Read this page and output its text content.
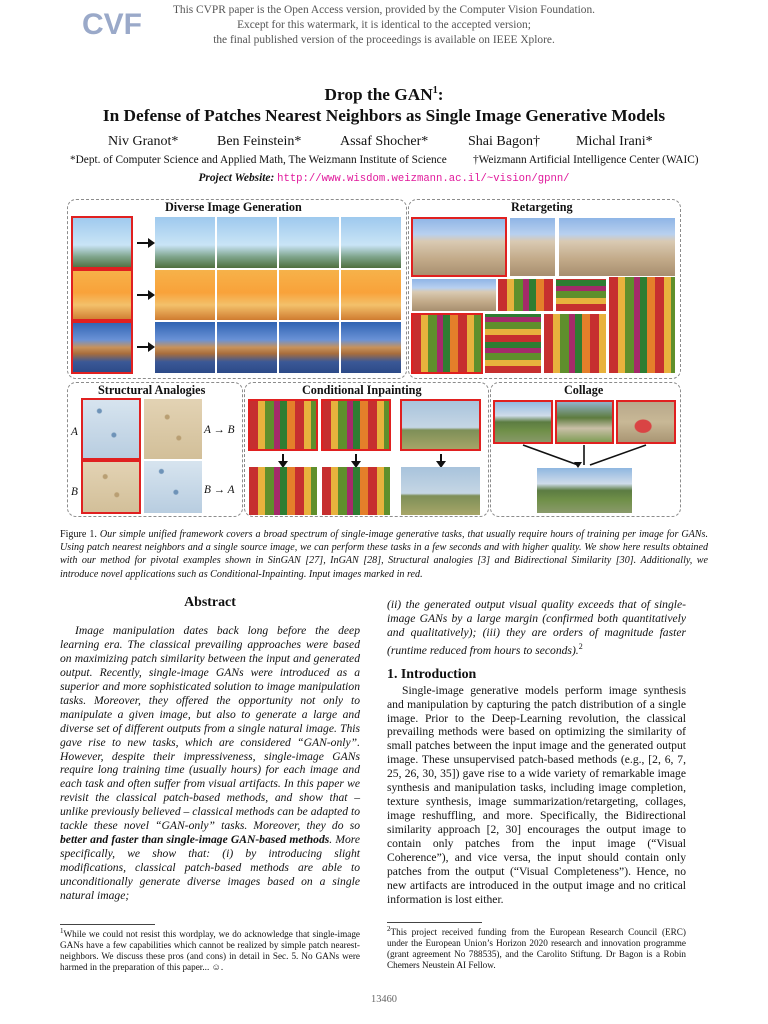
CVF	This CVPR paper is the Open Access version, provided by the Computer Vision Foundation.
Except for this watermark, it is identical to the accepted version;
the final published version of the proceedings is available on IEEE Xplore.
Drop the GAN$^1$:
In Defense of Patches Nearest Neighbors as Single Image Generative Models
Niv Granot*	Ben Feinstein*	Assaf Shocher*	Shai Bagon†	Michal Irani*
*Dept. of Computer Science and Applied Math, The Weizmann Institute of Science †Weizmann Artificial Intelligence Center (WAIC)
Project Website: http://www.wisdom.weizmann.ac.il/~vision/gpnn/
Diverse Image Generation	Retargeting
Structural Analogies
A	A → B
B	B → A
Conditional Inpainting	Collage
Figure 1. Our simple unified framework covers a broad spectrum of single-image generative tasks, that usually require hours of training per image for GANs. Using patch nearest neighbors and a single source image, we can perform these tasks in a few seconds and with higher quality. We show here results obtained with our method for pivotal examples shown in SinGAN [27], InGAN [28], Structural analogies [3] and Bidirectional Similarity [30]. Additionally, we introduce novel applications such as Conditional-Inpainting. Input images marked in red.
Abstract
Image manipulation dates back long before the deep learning era. The classical prevailing approaches were based on maximizing patch similarity between the input and generated output. Recently, single-image GANs were introduced as a superior and more sophisticated solution to image manipulation tasks. Moreover, they offered the opportunity not only to manipulate a given image, but also to generate a large and diverse set of different outputs from a single natural image. This gave rise to new tasks, which are considered “GAN-only”. However, despite their impressiveness, single-image GANs require long training time (usually hours) for each image and each task and often suffer from visual artifacts. In this paper we revisit the classical patch-based methods, and show that – unlike previously believed – classical methods can be adapted to tackle these novel “GAN-only” tasks. Moreover, they do so better and faster than single-image GAN-based methods. More specifically, we show that: (i) by introducing slight modifications, classical patch-based methods are able to unconditionally generate diverse images based on a single natural image;
$^1$While we could not resist this wordplay, we do acknowledge that single-image GANs have a few capabilities which cannot be realized by simple patch nearest-neighbors. We discuss these pros (and cons) in detail in Sec. 5. No GANs were harmed in the preparation of this paper... ☺.
(ii) the generated output visual quality exceeds that of single-image GANs by a large margin (confirmed both quantitatively and qualitatively); (iii) they are orders of magnitude faster (runtime reduced from hours to seconds).$^2$
1. Introduction
Single-image generative models perform image synthesis and manipulation by capturing the patch distribution of a single image. Prior to the Deep-Learning revolution, the classical prevailing methods were based on optimizing the similarity of small patches between the input image and the generated output image. These unsupervised patch-based methods (e.g., [2, 6, 7, 25, 26, 30, 35]) gave rise to a wide variety of remarkable image synthesis and manipulation tasks, including image completion, texture synthesis, image summarization/retargeting, collages, image reshuffling, and more. Specifically, the Bidirectional similarity approach [2, 30] encourages the output image to contain only patches from the input image (“Visual Coherence”), and vice versa, the input should contain only patches from the output (“Visual Completeness”). Hence, no new artifacts are introduced in the output image and no critical information is lost either.
$^2$This project received funding from the European Research Council (ERC) under the European Union’s Horizon 2020 research and innovation programme (grant agreement No 788535), and the Carolito Stiftung. Dr Bagon is a Robin Chemers Neustein AI Fellow.
13460
